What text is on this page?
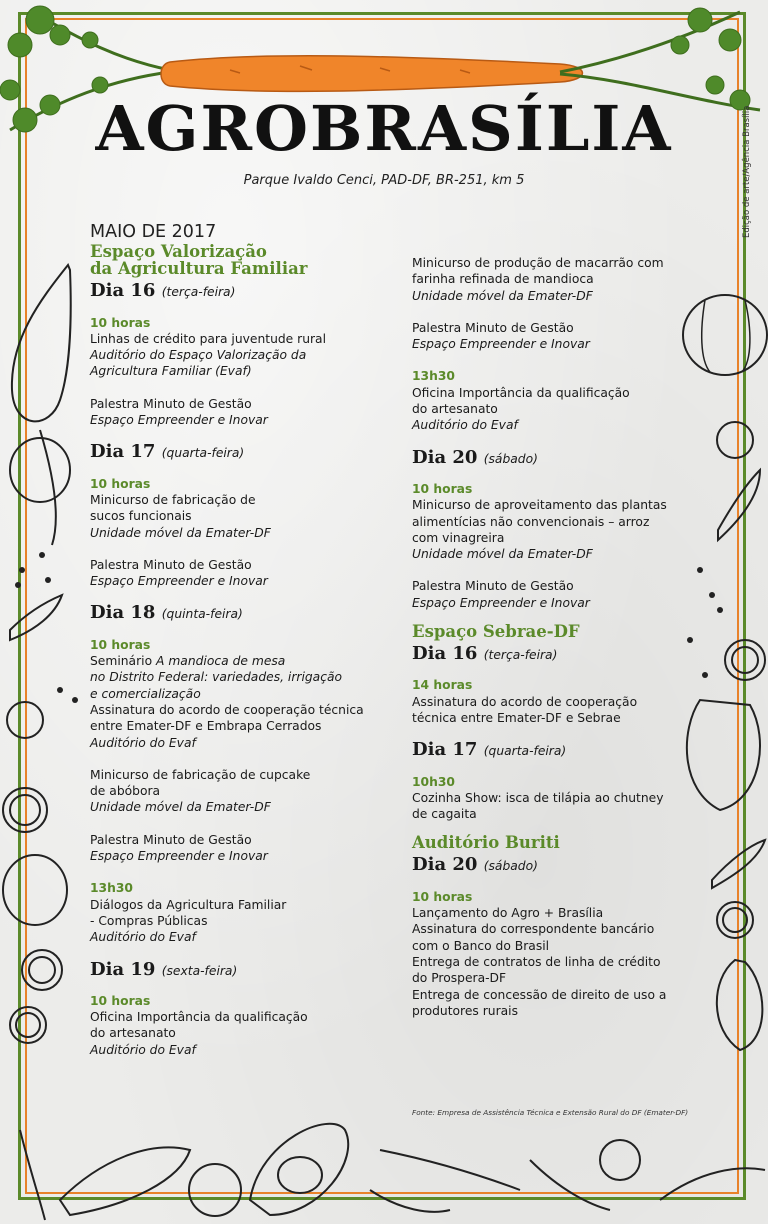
AGROBRASÍLIA
Parque Ivaldo Cenci, PAD-DF, BR-251, km 5	Edição de arte/Agência Brasília
MAIO DE 2017
Espaço Valorização
da Agricultura Familiar
Dia 16 (terça-feira)
10 horas
Linhas de crédito para juventude rural
Auditório do Espaço Valorização da
Agricultura Familiar (Evaf)
Palestra Minuto de Gestão
Espaço Empreender e Inovar
Dia 17 (quarta-feira)
10 horas
Minicurso de fabricação de
sucos funcionais
Unidade móvel da Emater-DF
Palestra Minuto de Gestão
Espaço Empreender e Inovar
Dia 18 (quinta-feira)
10 horas
Seminário A mandioca de mesa
no Distrito Federal: variedades, irrigação
e comercialização
Assinatura do acordo de cooperação técnica
entre Emater-DF e Embrapa Cerrados
Auditório do Evaf
Minicurso de fabricação de cupcake
de abóbora
Unidade móvel da Emater-DF
Palestra Minuto de Gestão
Espaço Empreender e Inovar
13h30
Diálogos da Agricultura Familiar
- Compras Públicas
Auditório do Evaf
Dia 19 (sexta-feira)
10 horas
Oficina Importância da qualificação
do artesanato
Auditório do Evaf
Minicurso de produção de macarrão com
farinha refinada de mandioca
Unidade móvel da Emater-DF
Palestra Minuto de Gestão
Espaço Empreender e Inovar
13h30
Oficina Importância da qualificação
do artesanato
Auditório do Evaf
Dia 20 (sábado)
10 horas
Minicurso de aproveitamento das plantas
alimentícias não convencionais – arroz
com vinagreira
Unidade móvel da Emater-DF
Palestra Minuto de Gestão
Espaço Empreender e Inovar
Espaço Sebrae-DF
Dia 16 (terça-feira)
14 horas
Assinatura do acordo de cooperação
técnica entre Emater-DF e Sebrae
Dia 17 (quarta-feira)
10h30
Cozinha Show: isca de tilápia ao chutney
de cagaita
Auditório Buriti
Dia 20 (sábado)
10 horas
Lançamento do Agro + Brasília
Assinatura do correspondente bancário
com o Banco do Brasil
Entrega de contratos de linha de crédito
do Prospera-DF
Entrega de concessão de direito de uso a
produtores rurais
Fonte: Empresa de Assistência Técnica e Extensão Rural do DF (Emater-DF)
